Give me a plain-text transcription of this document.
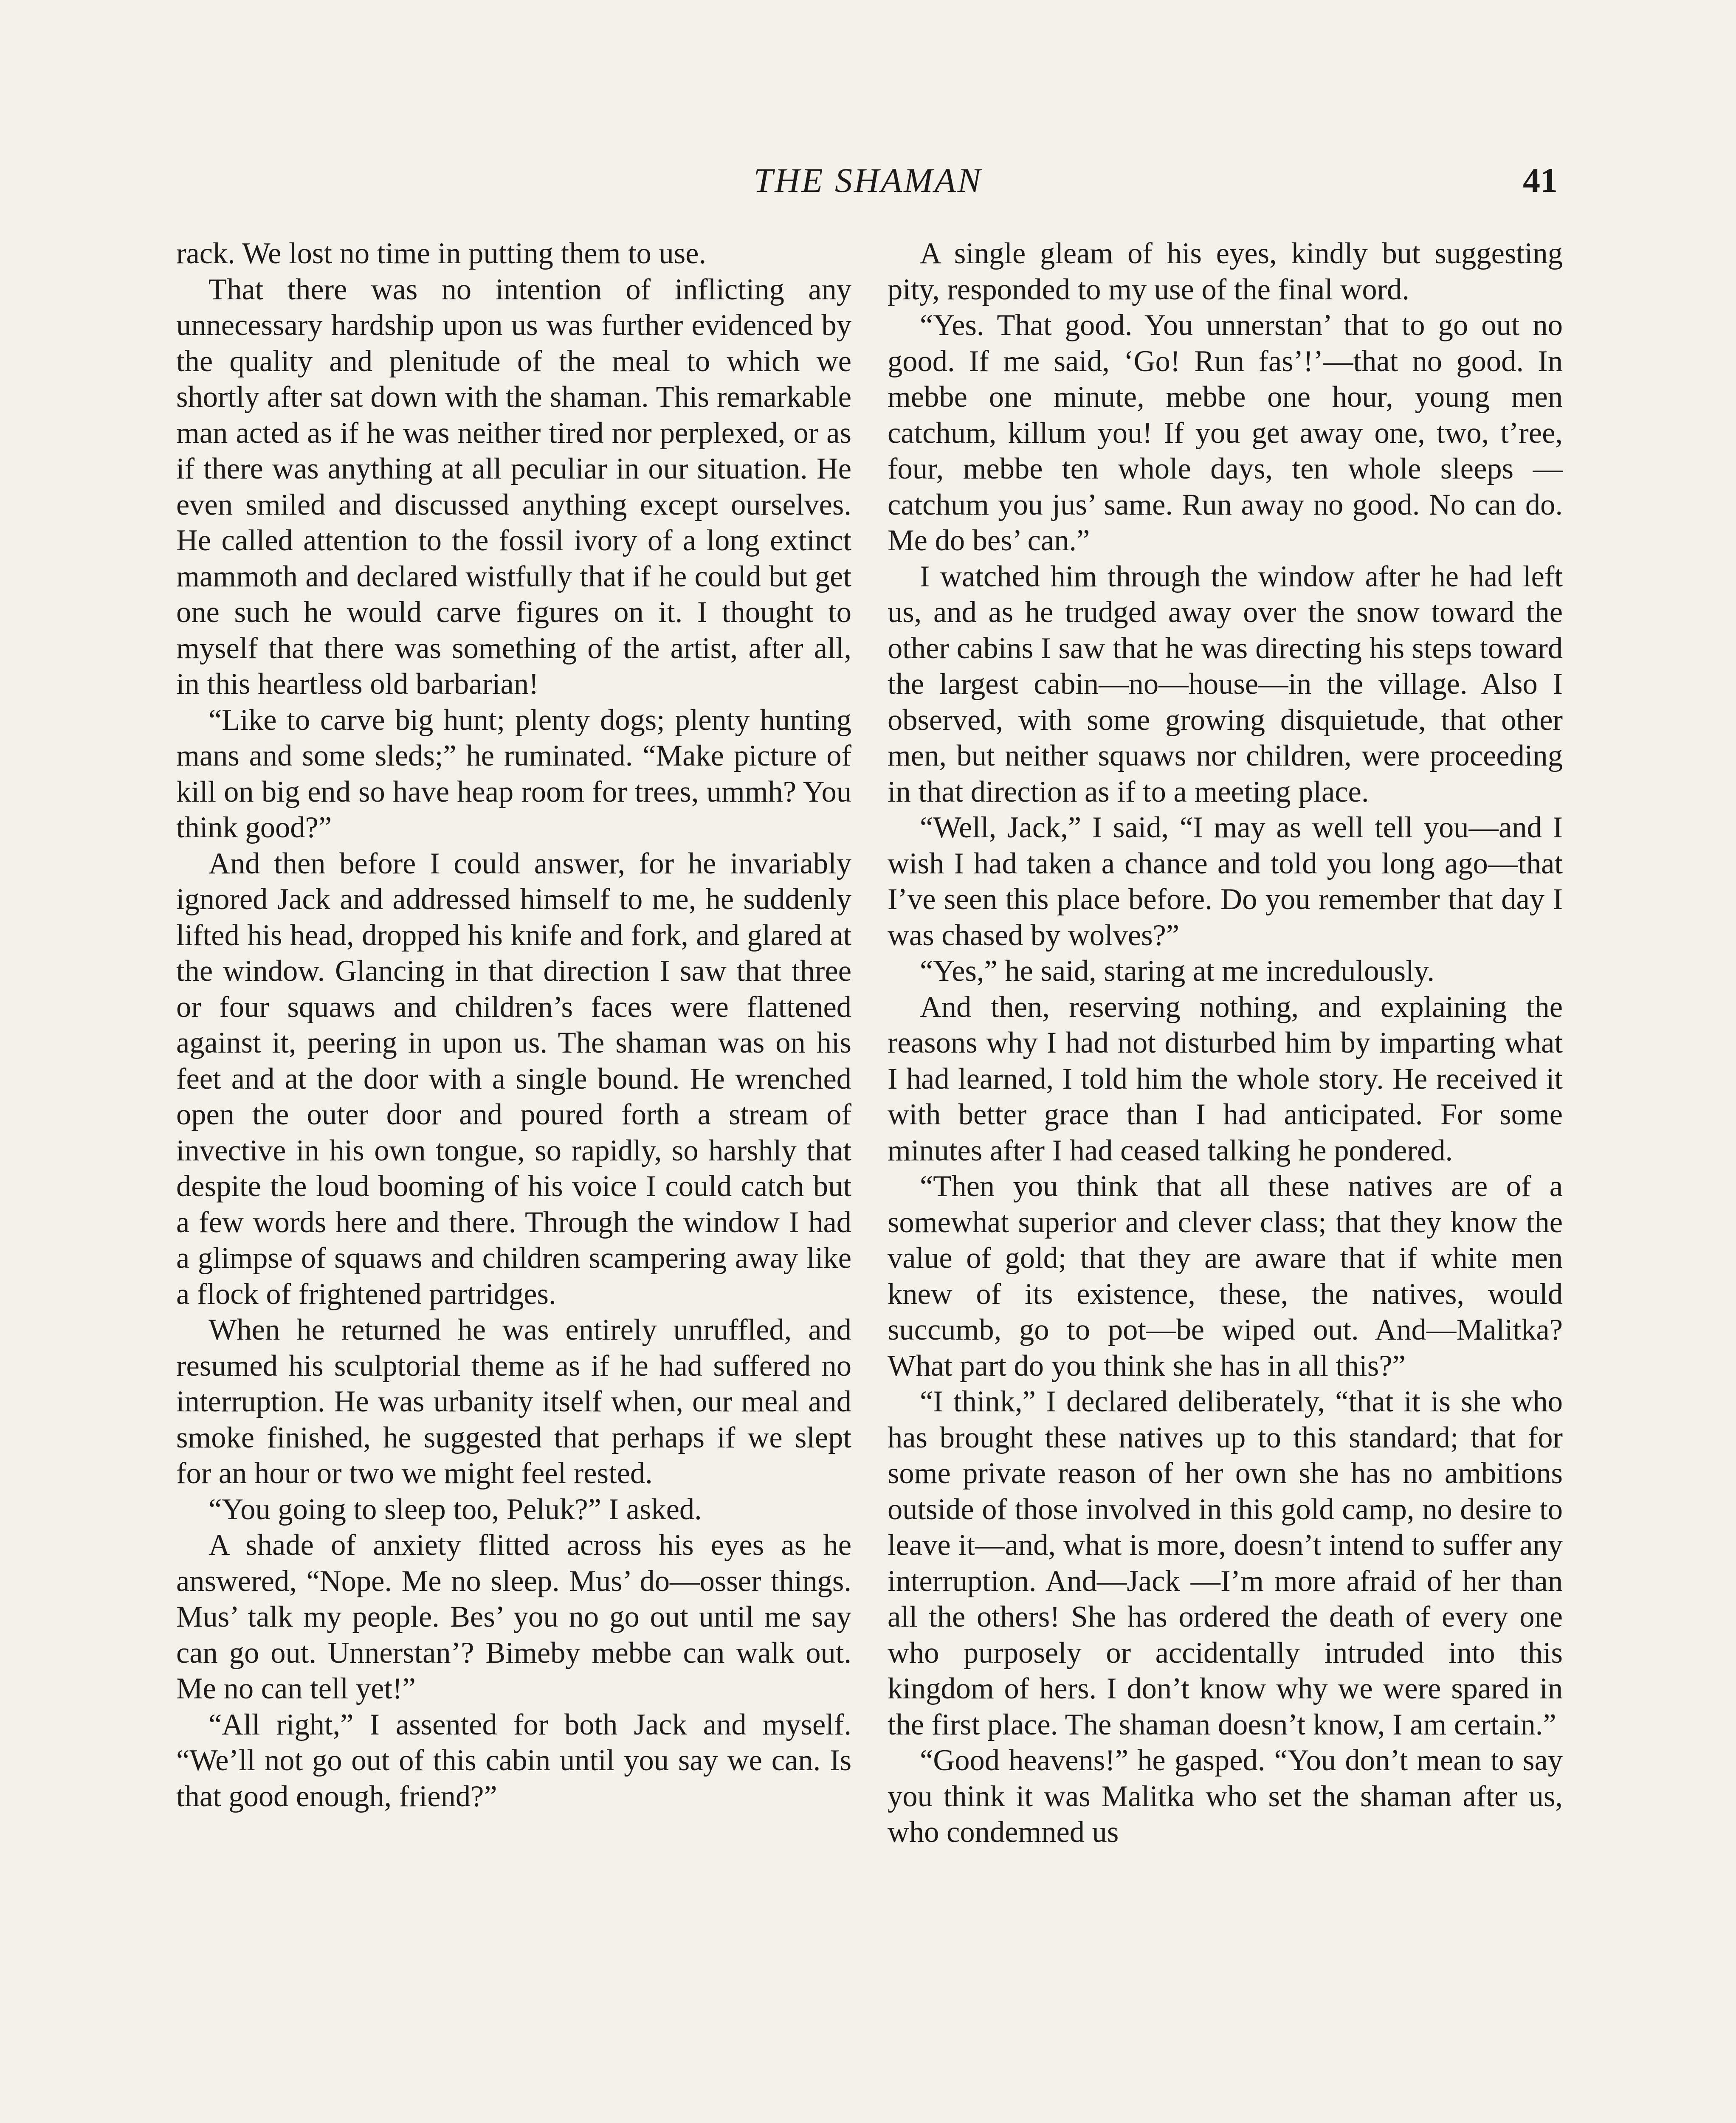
THE SHAMAN	41

rack. We lost no time in putting them to use.

That there was no intention of inflicting any unnecessary hardship upon us was further evidenced by the quality and plenitude of the meal to which we shortly after sat down with the shaman. This remarkable man acted as if he was neither tired nor perplexed, or as if there was anything at all peculiar in our situation. He even smiled and discussed anything except ourselves. He called attention to the fossil ivory of a long extinct mammoth and declared wistfully that if he could but get one such he would carve figures on it. I thought to myself that there was something of the artist, after all, in this heartless old barbarian!

“Like to carve big hunt; plenty dogs; plenty hunting mans and some sleds;” he ruminated. “Make picture of kill on big end so have heap room for trees, ummh? You think good?”

And then before I could answer, for he invariably ignored Jack and addressed himself to me, he suddenly lifted his head, dropped his knife and fork, and glared at the window. Glancing in that direction I saw that three or four squaws and children’s faces were flattened against it, peering in upon us. The shaman was on his feet and at the door with a single bound. He wrenched open the outer door and poured forth a stream of invective in his own tongue, so rapidly, so harshly that despite the loud booming of his voice I could catch but a few words here and there. Through the window I had a glimpse of squaws and children scampering away like a flock of frightened partridges.

When he returned he was entirely unruffled, and resumed his sculptorial theme as if he had suffered no interruption. He was urbanity itself when, our meal and smoke finished, he suggested that perhaps if we slept for an hour or two we might feel rested.

“You going to sleep too, Peluk?” I asked.

A shade of anxiety flitted across his eyes as he answered, “Nope. Me no sleep. Mus’ do—osser things. Mus’ talk my people. Bes’ you no go out until me say can go out. Unnerstan’? Bimeby mebbe can walk out. Me no can tell yet!”

“All right,” I assented for both Jack and myself. “We’ll not go out of this cabin until you say we can. Is that good enough, friend?”

A single gleam of his eyes, kindly but suggesting pity, responded to my use of the final word.

“Yes. That good. You unnerstan’ that to go out no good. If me said, ‘Go! Run fas’!’—that no good. In mebbe one minute, mebbe one hour, young men catchum, killum you! If you get away one, two, t’ree, four, mebbe ten whole days, ten whole sleeps —catchum you jus’ same. Run away no good. No can do. Me do bes’ can.”

I watched him through the window after he had left us, and as he trudged away over the snow toward the other cabins I saw that he was directing his steps toward the largest cabin—no—house—in the village. Also I observed, with some growing disquietude, that other men, but neither squaws nor children, were proceeding in that direction as if to a meeting place.

“Well, Jack,” I said, “I may as well tell you—and I wish I had taken a chance and told you long ago—that I’ve seen this place before. Do you remember that day I was chased by wolves?”

“Yes,” he said, staring at me incredulously.

And then, reserving nothing, and explaining the reasons why I had not disturbed him by imparting what I had learned, I told him the whole story. He received it with better grace than I had anticipated. For some minutes after I had ceased talking he pondered.

“Then you think that all these natives are of a somewhat superior and clever class; that they know the value of gold; that they are aware that if white men knew of its existence, these, the natives, would succumb, go to pot—be wiped out. And—Malitka? What part do you think she has in all this?”

“I think,” I declared deliberately, “that it is she who has brought these natives up to this standard; that for some private reason of her own she has no ambitions outside of those involved in this gold camp, no desire to leave it—and, what is more, doesn’t intend to suffer any interruption. And—Jack —I’m more afraid of her than all the others! She has ordered the death of every one who purposely or accidentally intruded into this kingdom of hers. I don’t know why we were spared in the first place. The shaman doesn’t know, I am certain.”

“Good heavens!” he gasped. “You don’t mean to say you think it was Malitka who set the shaman after us, who condemned us
